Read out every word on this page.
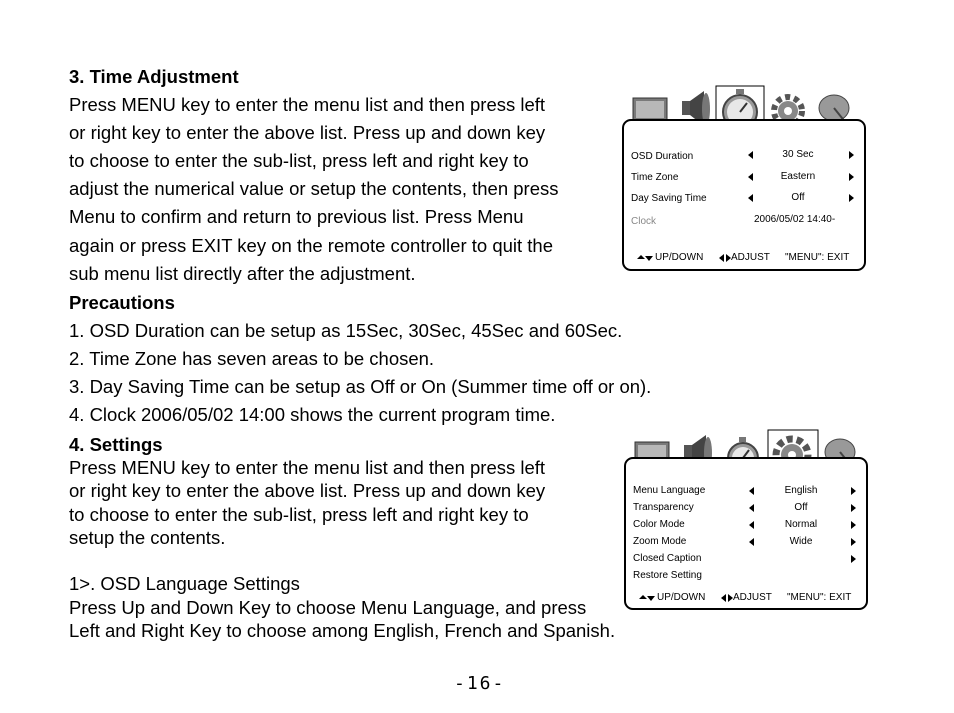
3. Time Adjustment
Press MENU key to enter the menu list and then press left
or right key to enter the above list. Press up and down key
to choose to enter the sub-list, press left and right key to
adjust the numerical value or setup the contents, then press
Menu to confirm and return to previous list. Press Menu
again or press EXIT key on the remote controller to quit the
sub menu list directly after the adjustment.
Precautions
1. OSD Duration can be setup as 15Sec, 30Sec, 45Sec and 60Sec.
2. Time Zone has seven areas to be chosen.
3. Day Saving Time can be setup as Off or On (Summer time off or on).
4. Clock 2006/05/02 14:00 shows the current program time.
4. Settings
Press MENU key to enter the menu list and then press left
or right key to enter the above list. Press up and down key
to choose to enter the sub-list, press left and right key to
setup the contents.
1>. OSD Language Settings
Press Up and Down Key to choose Menu Language, and press
Left and Right Key to choose among English, French and Spanish.
OSD Duration	30 Sec
Time Zone	Eastern
Day Saving Time	Off
Clock	2006/05/02 14:40-
UP/DOWN	ADJUST "MENU": EXIT
Menu Language	English
Transparency	Off
Color Mode	Normal
Zoom Mode	Wide
Closed Caption
Restore Setting
UP/DOWN	ADJUST "MENU": EXIT
-16-
